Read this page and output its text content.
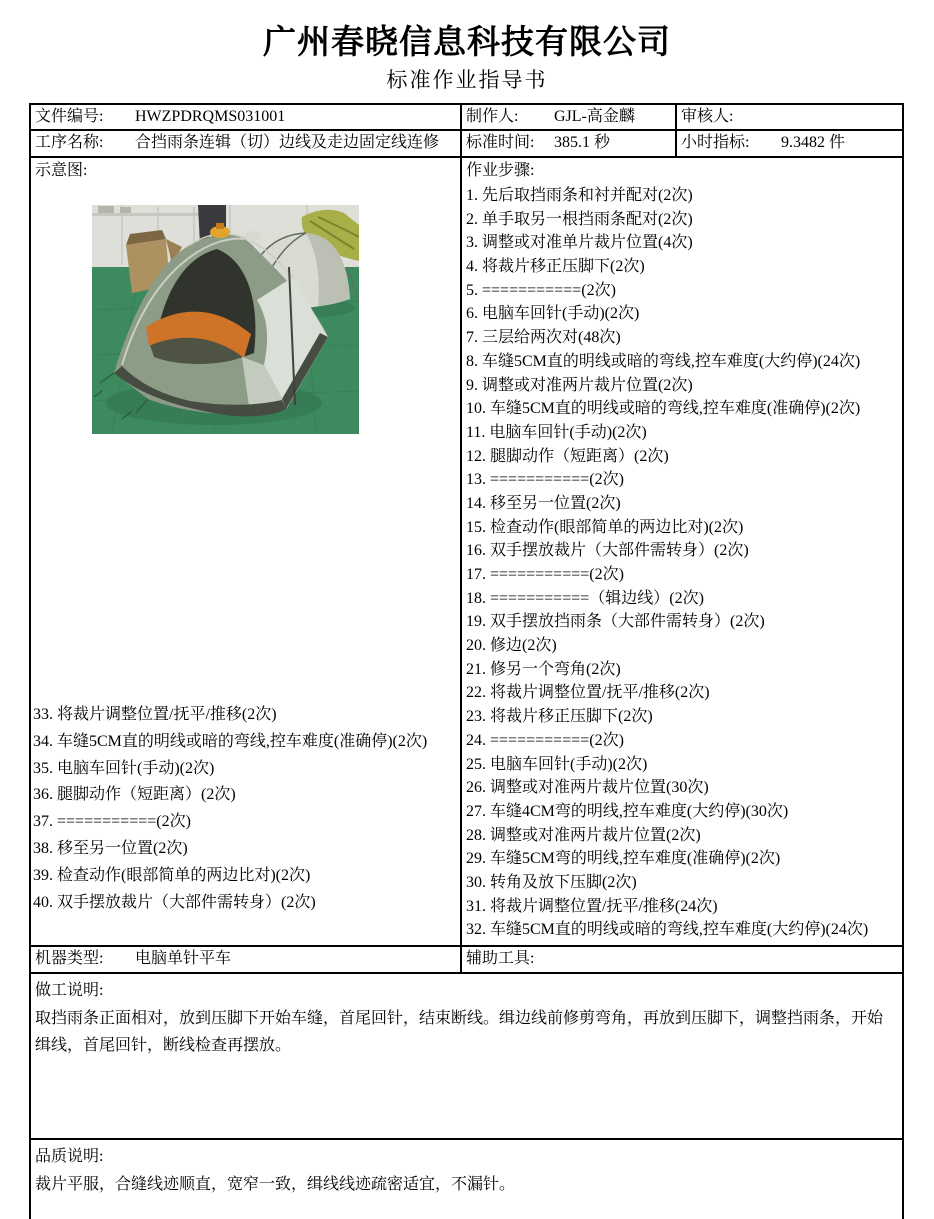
广州春晓信息科技有限公司
标准作业指导书
文件编号: HWZPDRQMS031001	制作人: GJL-高金麟	审核人:
工序名称: 合挡雨条连辑（切）边线及走边固定线连修	标准时间: 385.1 秒	小时指标: 9.3482 件

示意图:
33. 将裁片调整位置/抚平/推移(2次)
34. 车缝5CM直的明线或暗的弯线,控车难度(准确停)(2次)
35. 电脑车回针(手动)(2次)
36. 腿脚动作（短距离）(2次)
37. ===========(2次)
38. 移至另一位置(2次)
39. 检查动作(眼部简单的两边比对)(2次)
40. 双手摆放裁片（大部件需转身）(2次)

作业步骤:
1. 先后取挡雨条和衬并配对(2次)
2. 单手取另一根挡雨条配对(2次)
3. 调整或对准单片裁片位置(4次)
4. 将裁片移正压脚下(2次)
5. ===========(2次)
6. 电脑车回针(手动)(2次)
7. 三层给两次对(48次)
8. 车缝5CM直的明线或暗的弯线,控车难度(大约停)(24次)
9. 调整或对准两片裁片位置(2次)
10. 车缝5CM直的明线或暗的弯线,控车难度(准确停)(2次)
11. 电脑车回针(手动)(2次)
12. 腿脚动作（短距离）(2次)
13. ===========(2次)
14. 移至另一位置(2次)
15. 检查动作(眼部简单的两边比对)(2次)
16. 双手摆放裁片（大部件需转身）(2次)
17. ===========(2次)
18. ===========（辑边线）(2次)
19. 双手摆放挡雨条（大部件需转身）(2次)
20. 修边(2次)
21. 修另一个弯角(2次)
22. 将裁片调整位置/抚平/推移(2次)
23. 将裁片移正压脚下(2次)
24. ===========(2次)
25. 电脑车回针(手动)(2次)
26. 调整或对准两片裁片位置(30次)
27. 车缝4CM弯的明线,控车难度(大约停)(30次)
28. 调整或对准两片裁片位置(2次)
29. 车缝5CM弯的明线,控车难度(准确停)(2次)
30. 转角及放下压脚(2次)
31. 将裁片调整位置/抚平/推移(24次)
32. 车缝5CM直的明线或暗的弯线,控车难度(大约停)(24次)

机器类型: 电脑单针平车	辅助工具:	

做工说明:

取挡雨条正面相对，放到压脚下开始车缝，首尾回针，结束断线。缉边线前修剪弯角，再放到压脚下，调整挡雨条，开始缉线，首尾回针，断线检查再摆放。		

品质说明:

裁片平服，合缝线迹顺直，宽窄一致，缉线线迹疏密适宜，不漏针。		
